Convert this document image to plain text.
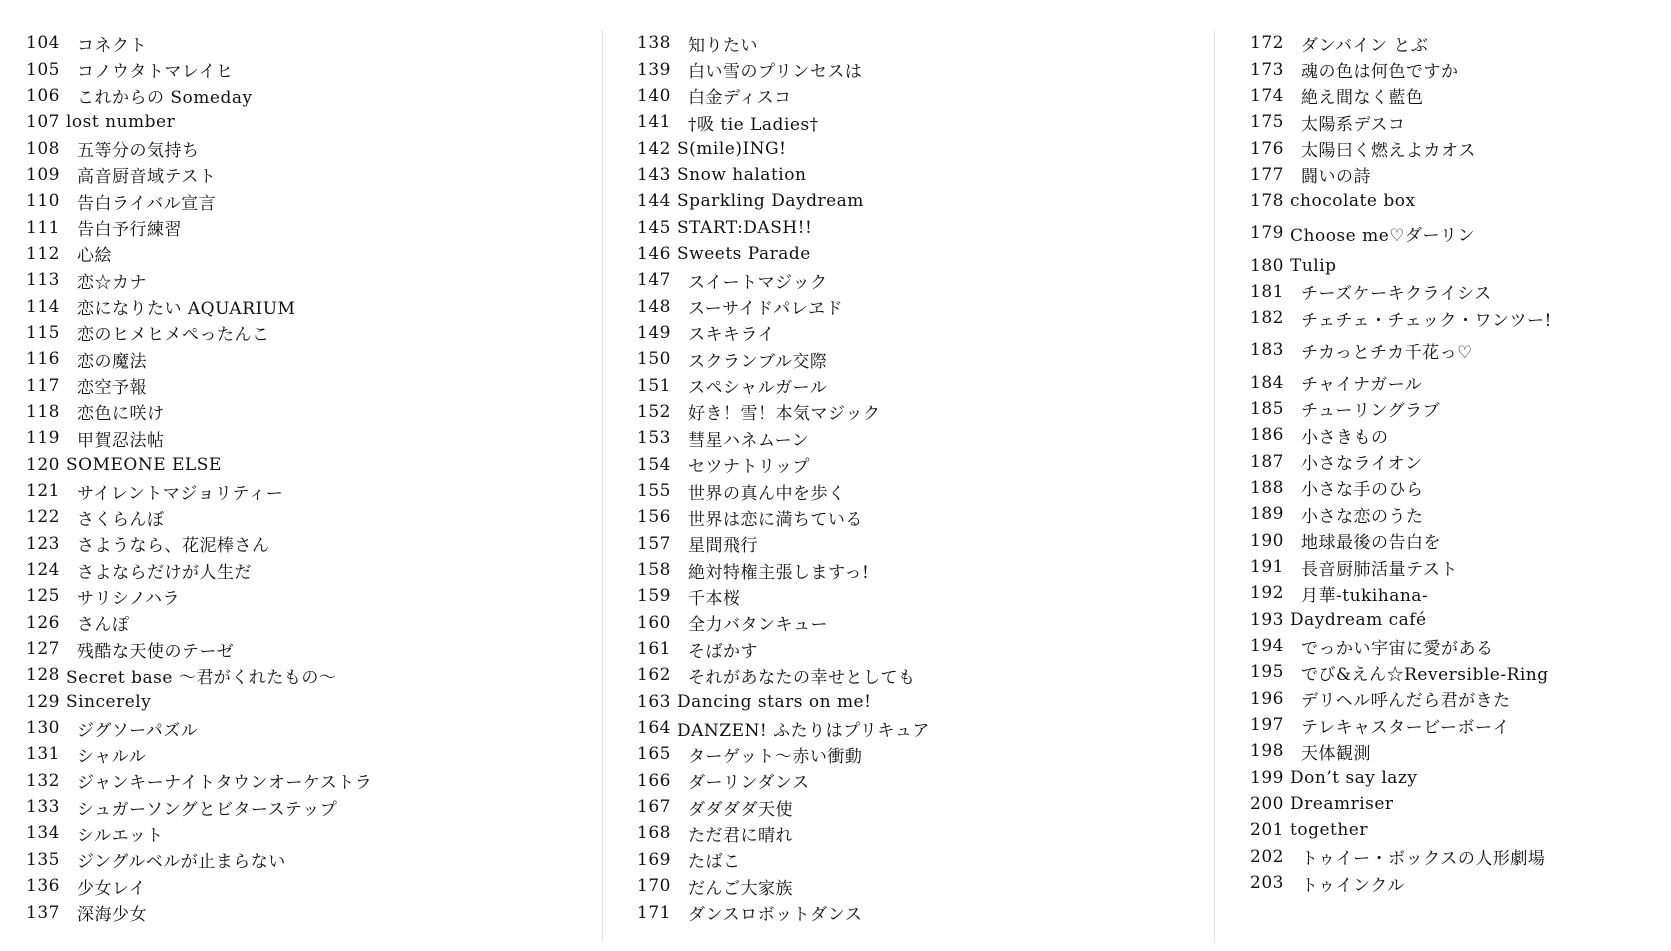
104	コネクト
105	コノウタトマレイヒ
106	これからの Someday
107 lost number
108	五等分の気持ち
109	高音厨音域テスト
110	告白ライバル宣言
111	告白予行練習
112	心絵
113	恋☆カナ
114	恋になりたい AQUARIUM
115	恋のヒメヒメぺったんこ
116	恋の魔法
117	恋空予報
118	恋色に咲け
119	甲賀忍法帖
120 SOMEONE ELSE
121	サイレントマジョリティー
122	さくらんぼ
123	さようなら、花泥棒さん
124	さよならだけが人生だ
125	サリシノハラ
126	さんぽ
127	残酷な天使のテーゼ
128 Secret base 〜君がくれたもの〜
129 Sincerely
130	ジグソーパズル
131	シャルル
132	ジャンキーナイトタウンオーケストラ
133	シュガーソングとビターステップ
134	シルエット
135	ジングルベルが止まらない
136	少女レイ
137	深海少女
138	知りたい
139	白い雪のプリンセスは
140	白金ディスコ
141	†吸 tie Ladies†
142 S(mile)ING!
143 Snow halation
144 Sparkling Daydream
145 START:DASH!!
146 Sweets Parade
147	スイートマジック
148	スーサイドパレヱド
149	スキキライ
150	スクランブル交際
151	スペシャルガール
152	好き！雪！本気マジック
153	彗星ハネムーン
154	セツナトリップ
155	世界の真ん中を歩く
156	世界は恋に満ちている
157	星間飛行
158	絶対特権主張しますっ!
159	千本桜
160	全力バタンキュー
161	そばかす
162	それがあなたの幸せとしても
163 Dancing stars on me!
164 DANZEN! ふたりはプリキュア
165	ターゲット〜赤い衝動
166	ダーリンダンス
167	ダダダダ天使
168	ただ君に晴れ
169	たばこ
170	だんご大家族
171	ダンスロボットダンス
172	ダンバイン とぶ
173	魂の色は何色ですか
174	絶え間なく藍色
175	太陽系デスコ
176	太陽曰く燃えよカオス
177	闘いの詩
178 chocolate box
179 Choose me♡ダーリン
180 Tulip
181	チーズケーキクライシス
182	チェチェ・チェック・ワンツー!
183	チカっとチカ千花っ♡
184	チャイナガール
185	チューリングラブ
186	小さきもの
187	小さなライオン
188	小さな手のひら
189	小さな恋のうた
190	地球最後の告白を
191	長音厨肺活量テスト
192	月華-tukihana-
193 Daydream café
194	でっかい宇宙に愛がある
195	でび&えん☆Reversible-Ring
196	デリヘル呼んだら君がきた
197	テレキャスタービーボーイ
198	天体観測
199 Don’t say lazy
200 Dreamriser
201 together
202	トゥイー・ボックスの人形劇場
203	トゥインクル
